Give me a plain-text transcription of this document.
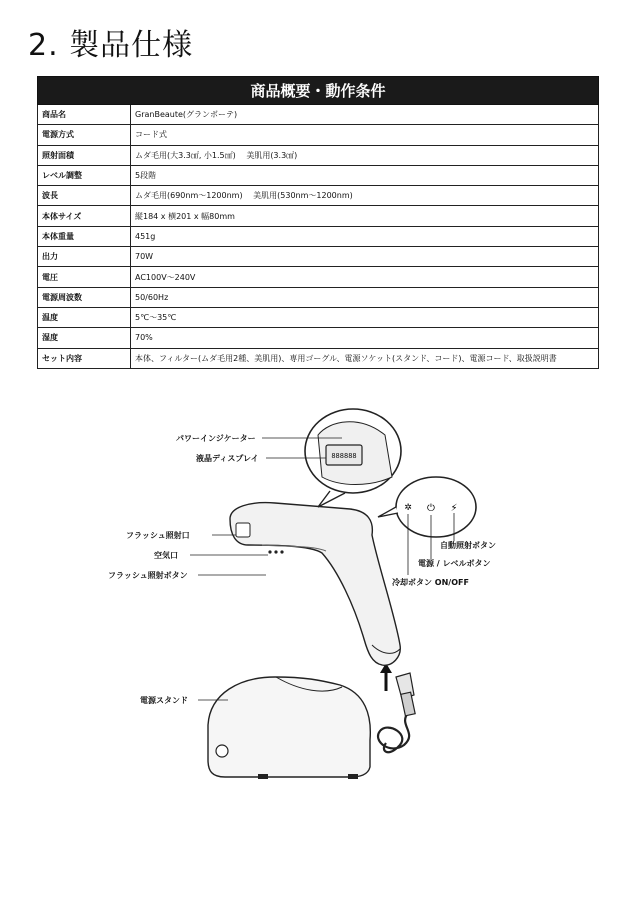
2. 製品仕様
商品概要・動作条件	
商品名	GranBeaute(グランボーテ)
電源方式	コード式
照射面積	ムダ毛用(大3.3㎠, 小1.5㎠)　 美肌用(3.3㎠)
レベル調整	5段階
波長	ムダ毛用(690nm～1200nm)　 美肌用(530nm～1200nm)
本体サイズ	縦184 x 横201 x 幅80mm
本体重量	451g
出力	70W
電圧	AC100V～240V
電源周波数	50/60Hz
温度	5℃～35℃
湿度	70%
セット内容	本体、フィルター(ムダ毛用2種、美肌用)、専用ゴーグル、電源ソケット(スタンド、コード)、電源コード、取扱説明書
888888
✲ ⏻ ⚡
パワーインジケーター
液晶ディスプレイ
フラッシュ照射口
空気口
フラッシュ照射ボタン
自動照射ボタン
電源 / レベルボタン
冷却ボタン ON/OFF
電源スタンド
